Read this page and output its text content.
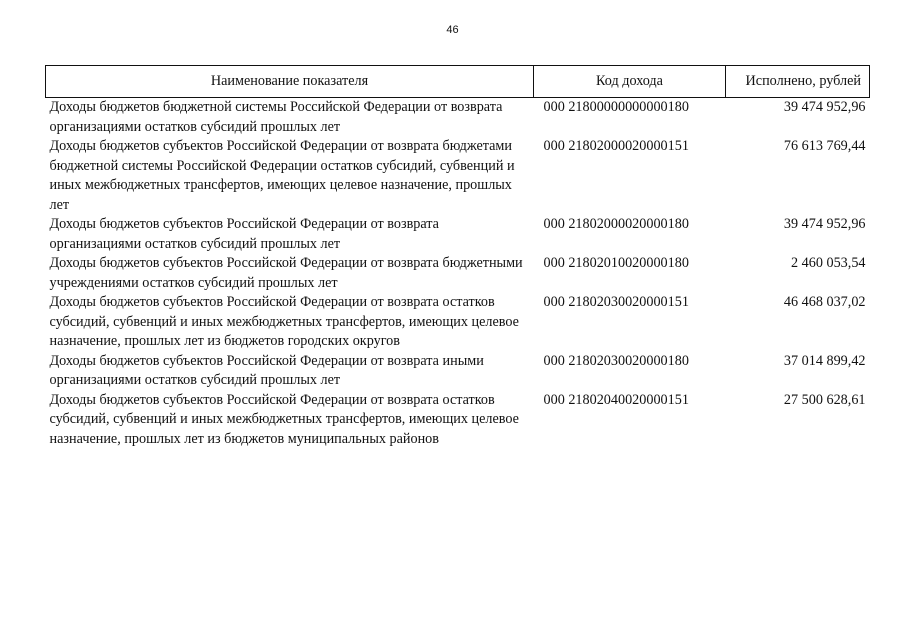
46
Наименование показателя	Код дохода	Исполнено, рублей
Доходы бюджетов бюджетной системы Российской Федерации от возврата организациями остатков субсидий прошлых лет	000 21800000000000180	39 474 952,96
Доходы бюджетов субъектов Российской Федерации от возврата бюджетами бюджетной системы Российской Федерации остатков субсидий, субвенций и иных межбюджетных трансфертов, имеющих целевое назначение, прошлых лет	000 21802000020000151	76 613 769,44
Доходы бюджетов субъектов Российской Федерации от возврата организациями остатков субсидий прошлых лет	000 21802000020000180	39 474 952,96
Доходы бюджетов субъектов Российской Федерации от возврата бюджетными учреждениями остатков субсидий прошлых лет	000 21802010020000180	2 460 053,54
Доходы бюджетов субъектов Российской Федерации от возврата остатков субсидий, субвенций и иных межбюджетных трансфертов, имеющих целевое назначение, прошлых лет из бюджетов городских округов	000 21802030020000151	46 468 037,02
Доходы бюджетов субъектов Российской Федерации от возврата иными организациями остатков субсидий прошлых лет	000 21802030020000180	37 014 899,42
Доходы бюджетов субъектов Российской Федерации от возврата остатков субсидий, субвенций и иных межбюджетных трансфертов, имеющих целевое назначение, прошлых лет из бюджетов муниципальных районов	000 21802040020000151	27 500 628,61
